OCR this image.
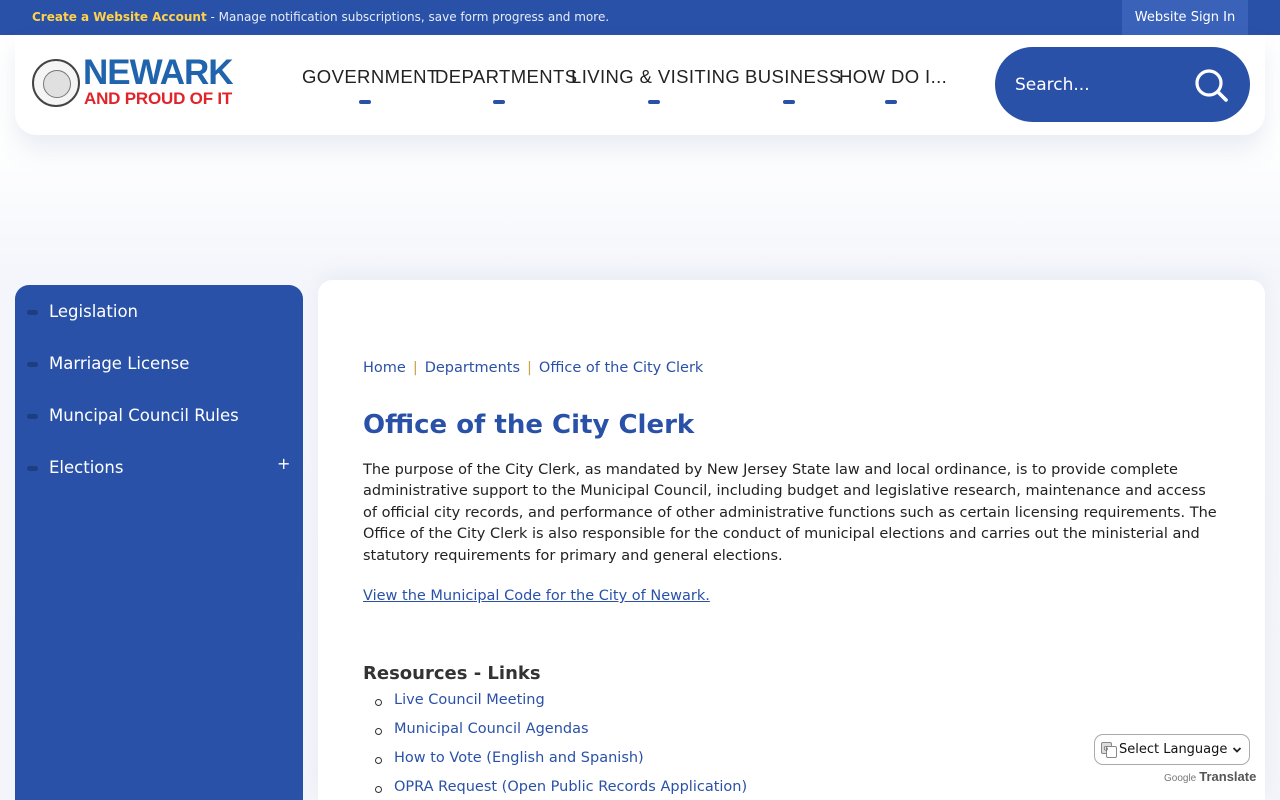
Create a Website Account - Manage notification subscriptions, save form progress and more.	Website Sign In
NEWARK
AND PROUD OF IT
GOVERNMENT
DEPARTMENTS
LIVING & VISITING BUSINESS
HOW DO I...
Search...
Legislation
Marriage License
Muncipal Council Rules
Elections	+
Home | Departments | Office of the City Clerk
Office of the City Clerk

The purpose of the City Clerk, as mandated by New Jersey State law and local ordinance, is to provide complete administrative support to the Municipal Council, including budget and legislative research, maintenance and access of official city records, and performance of other administrative functions such as certain licensing requirements. The Office of the City Clerk is also responsible for the conduct of municipal elections and carries out the ministerial and statutory requirements for primary and general elections.

View the Municipal Code for the City of Newark.
Resources - Links
Live Council Meeting
Municipal Council Agendas
How to Vote (English and Spanish)
OPRA Request (Open Public Records Application)
G Select Language
Google Translate
